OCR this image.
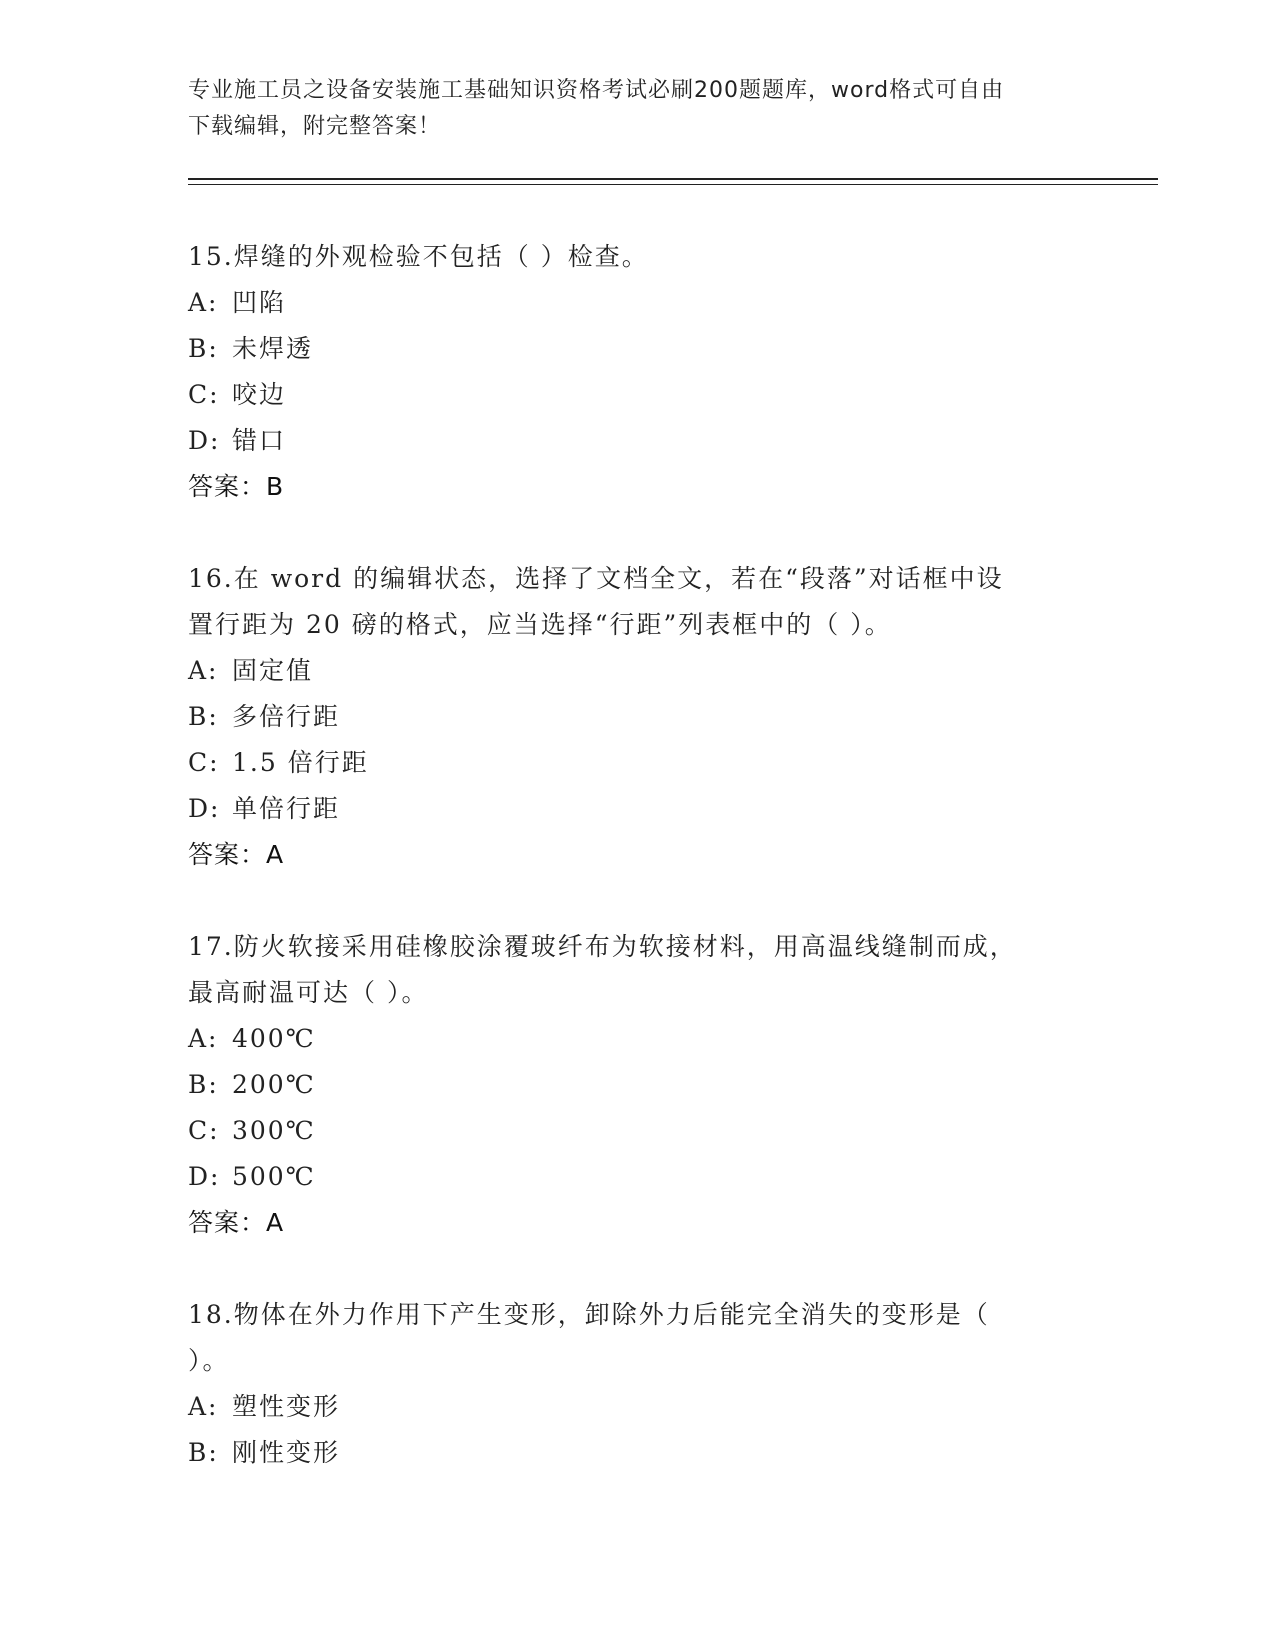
专业施工员之设备安装施工基础知识资格考试必刷200题题库，word格式可自由
下载编辑，附完整答案！

15.焊缝的外观检验不包括（ ）检查。

A: 凹陷

B: 未焊透

C: 咬边

D: 错口

答案：B

16.在 word 的编辑状态，选择了文档全文，若在“段落”对话框中设
置行距为 20 磅的格式，应当选择“行距”列表框中的（ ）。

A: 固定值

B: 多倍行距

C: 1.5 倍行距

D: 单倍行距

答案：A

17.防火软接采用硅橡胶涂覆玻纤布为软接材料，用高温线缝制而成，
最高耐温可达（ ）。

A: 400℃

B: 200℃

C: 300℃

D: 500℃

答案：A

18.物体在外力作用下产生变形，卸除外力后能完全消失的变形是（
）。

A: 塑性变形

B: 刚性变形
